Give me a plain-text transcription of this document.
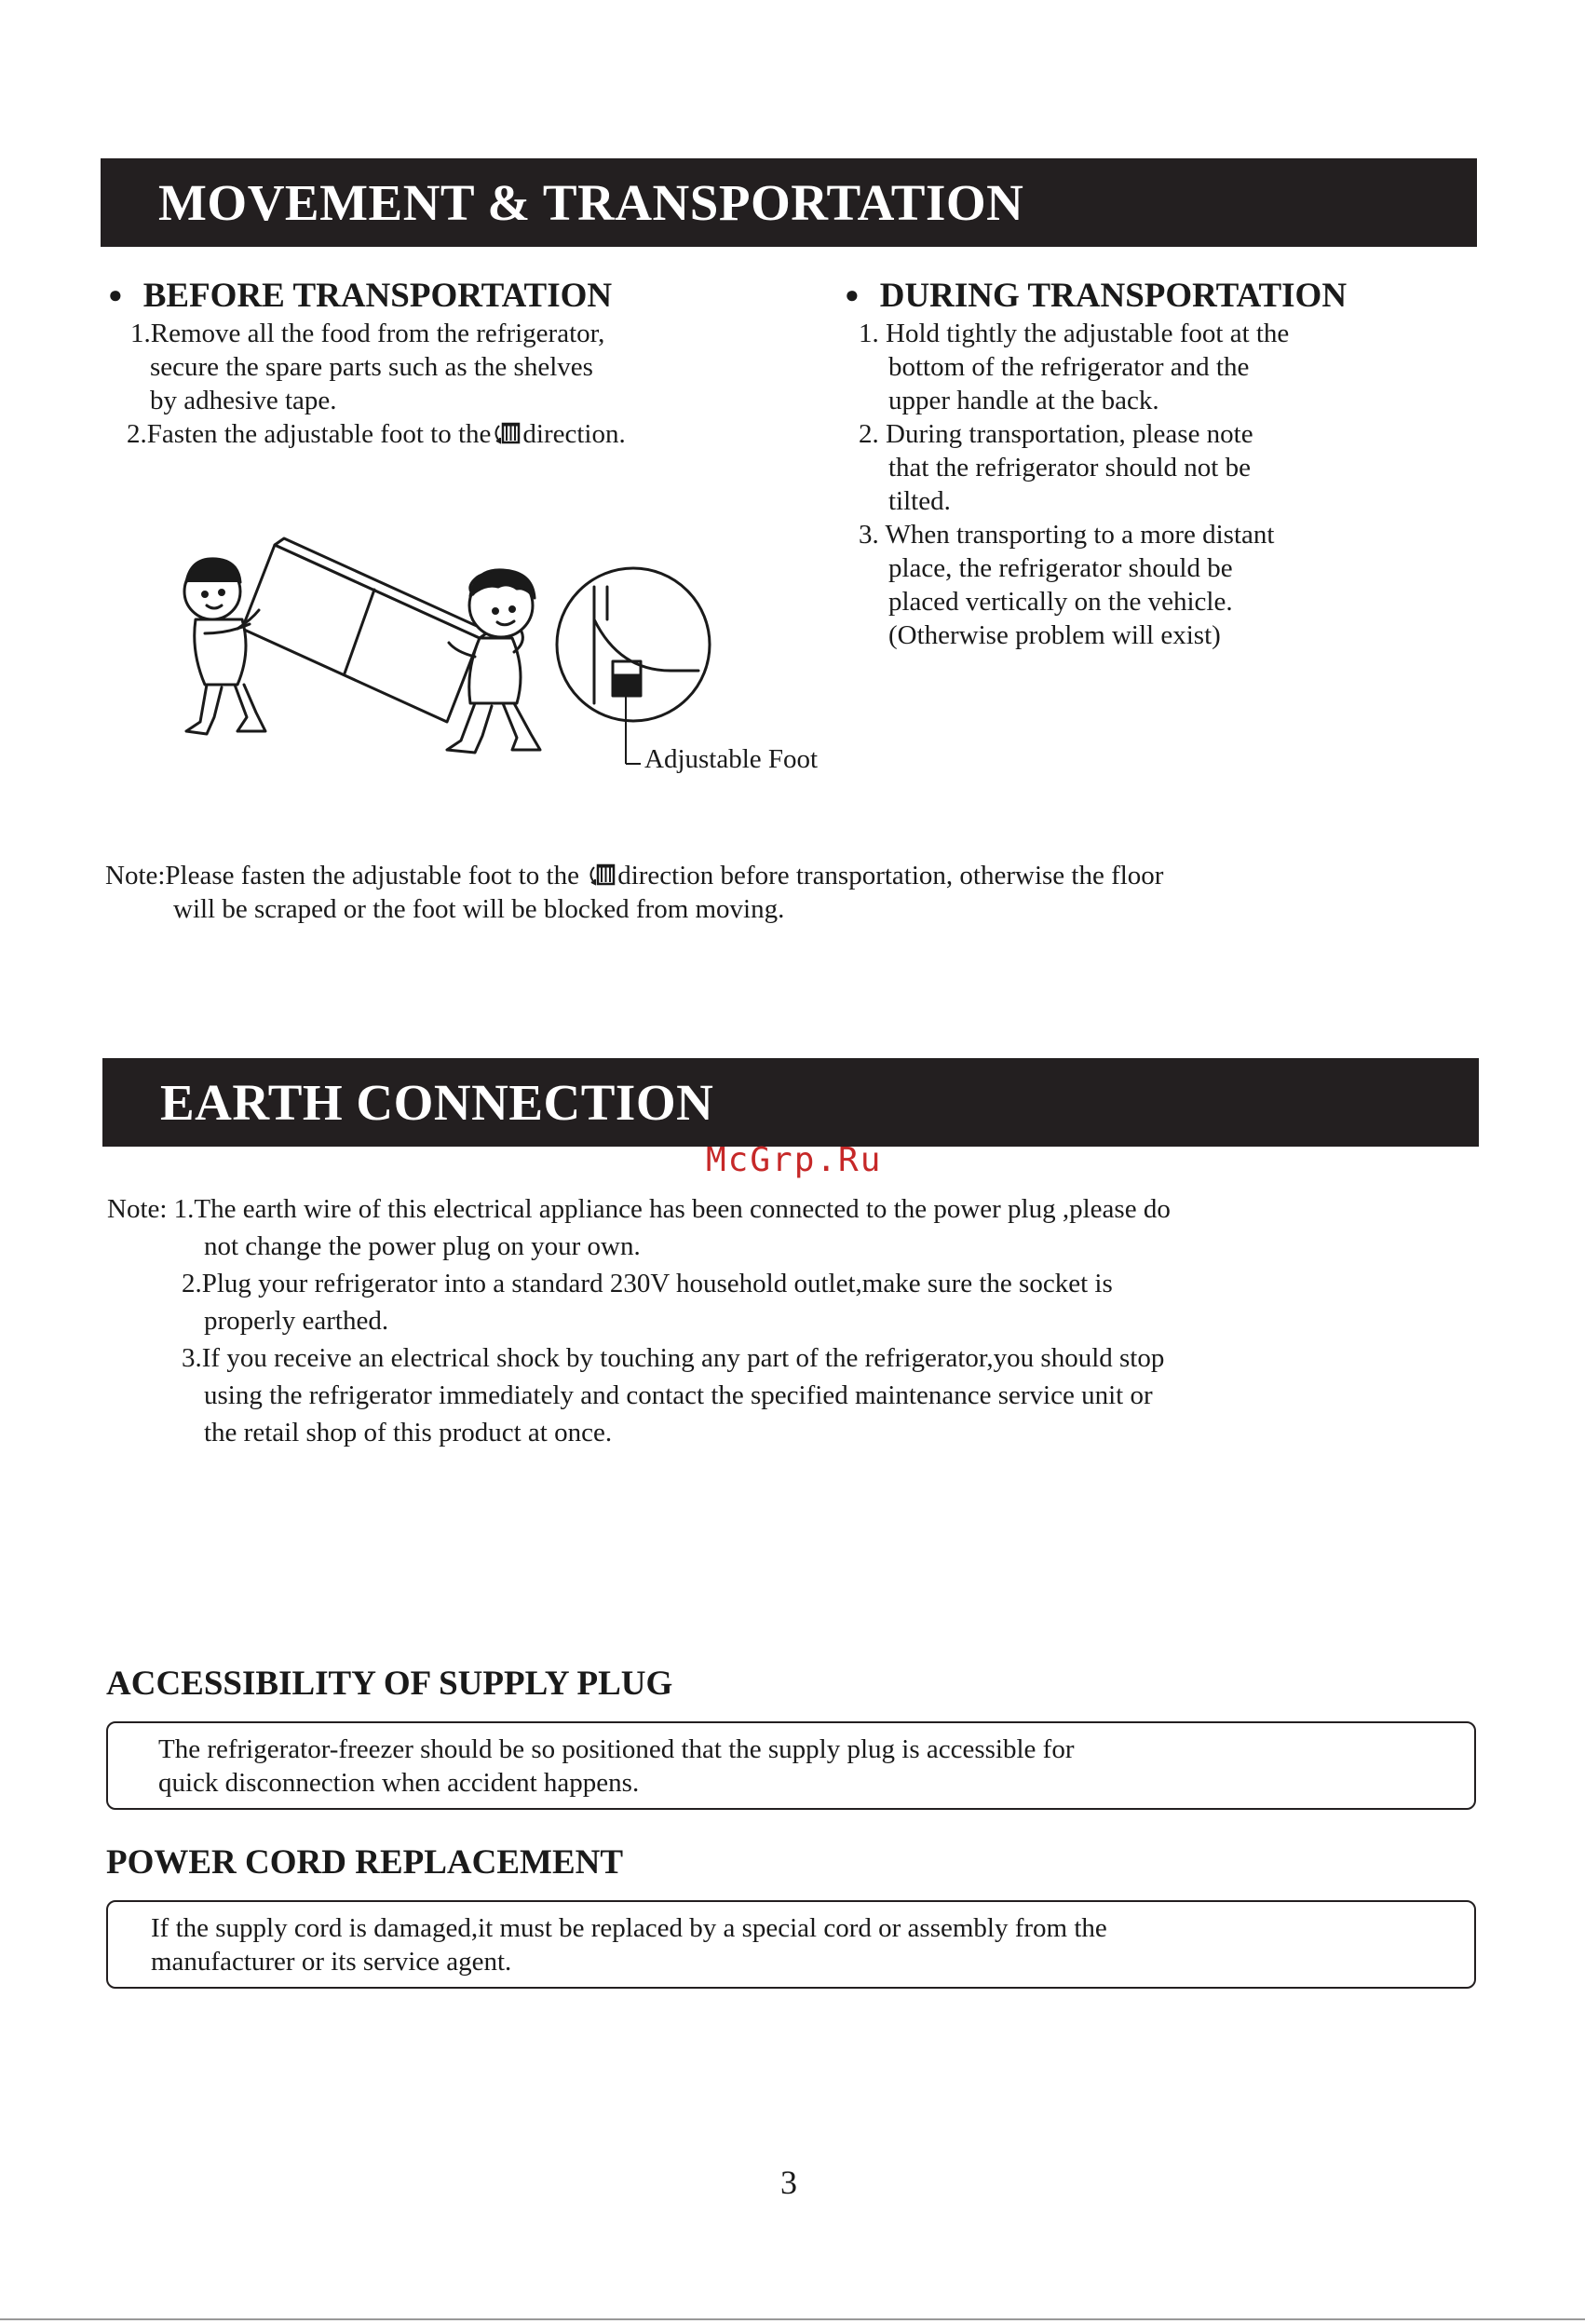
MOVEMENT & TRANSPORTATION
● BEFORE TRANSPORTATION
1.Remove all the food from the refrigerator,
secure the spare parts such as the shelves
by adhesive tape.
2.Fasten the adjustable foot to the direction.
● DURING TRANSPORTATION
1. Hold tightly the adjustable foot at the
bottom of the refrigerator and the
upper handle at the back.
2. During transportation, please note
that the refrigerator should not be
tilted.
3. When transporting to a more distant
place, the refrigerator should be
placed vertically on the vehicle.
(Otherwise problem will exist)
Adjustable Foot
Note:Please fasten the adjustable foot to the direction before transportation, otherwise the floor
will be scraped or the foot will be blocked from moving.
EARTH CONNECTION
McGrp.Ru
Note: 1.The earth wire of this electrical appliance has been connected to the power plug ,please do
not change the power plug on your own.
2.Plug your refrigerator into a standard 230V household outlet,make sure the socket is
properly earthed.
3.If you receive an electrical shock by touching any part of the refrigerator,you should stop
using the refrigerator immediately and contact the specified maintenance service unit or
the retail shop of this product at once.
ACCESSIBILITY OF SUPPLY PLUG
The refrigerator-freezer should be so positioned that the supply plug is accessible for
quick disconnection when accident happens.
POWER CORD REPLACEMENT
If the supply cord is damaged,it must be replaced by a special cord or assembly from the
manufacturer or its service agent.
3
